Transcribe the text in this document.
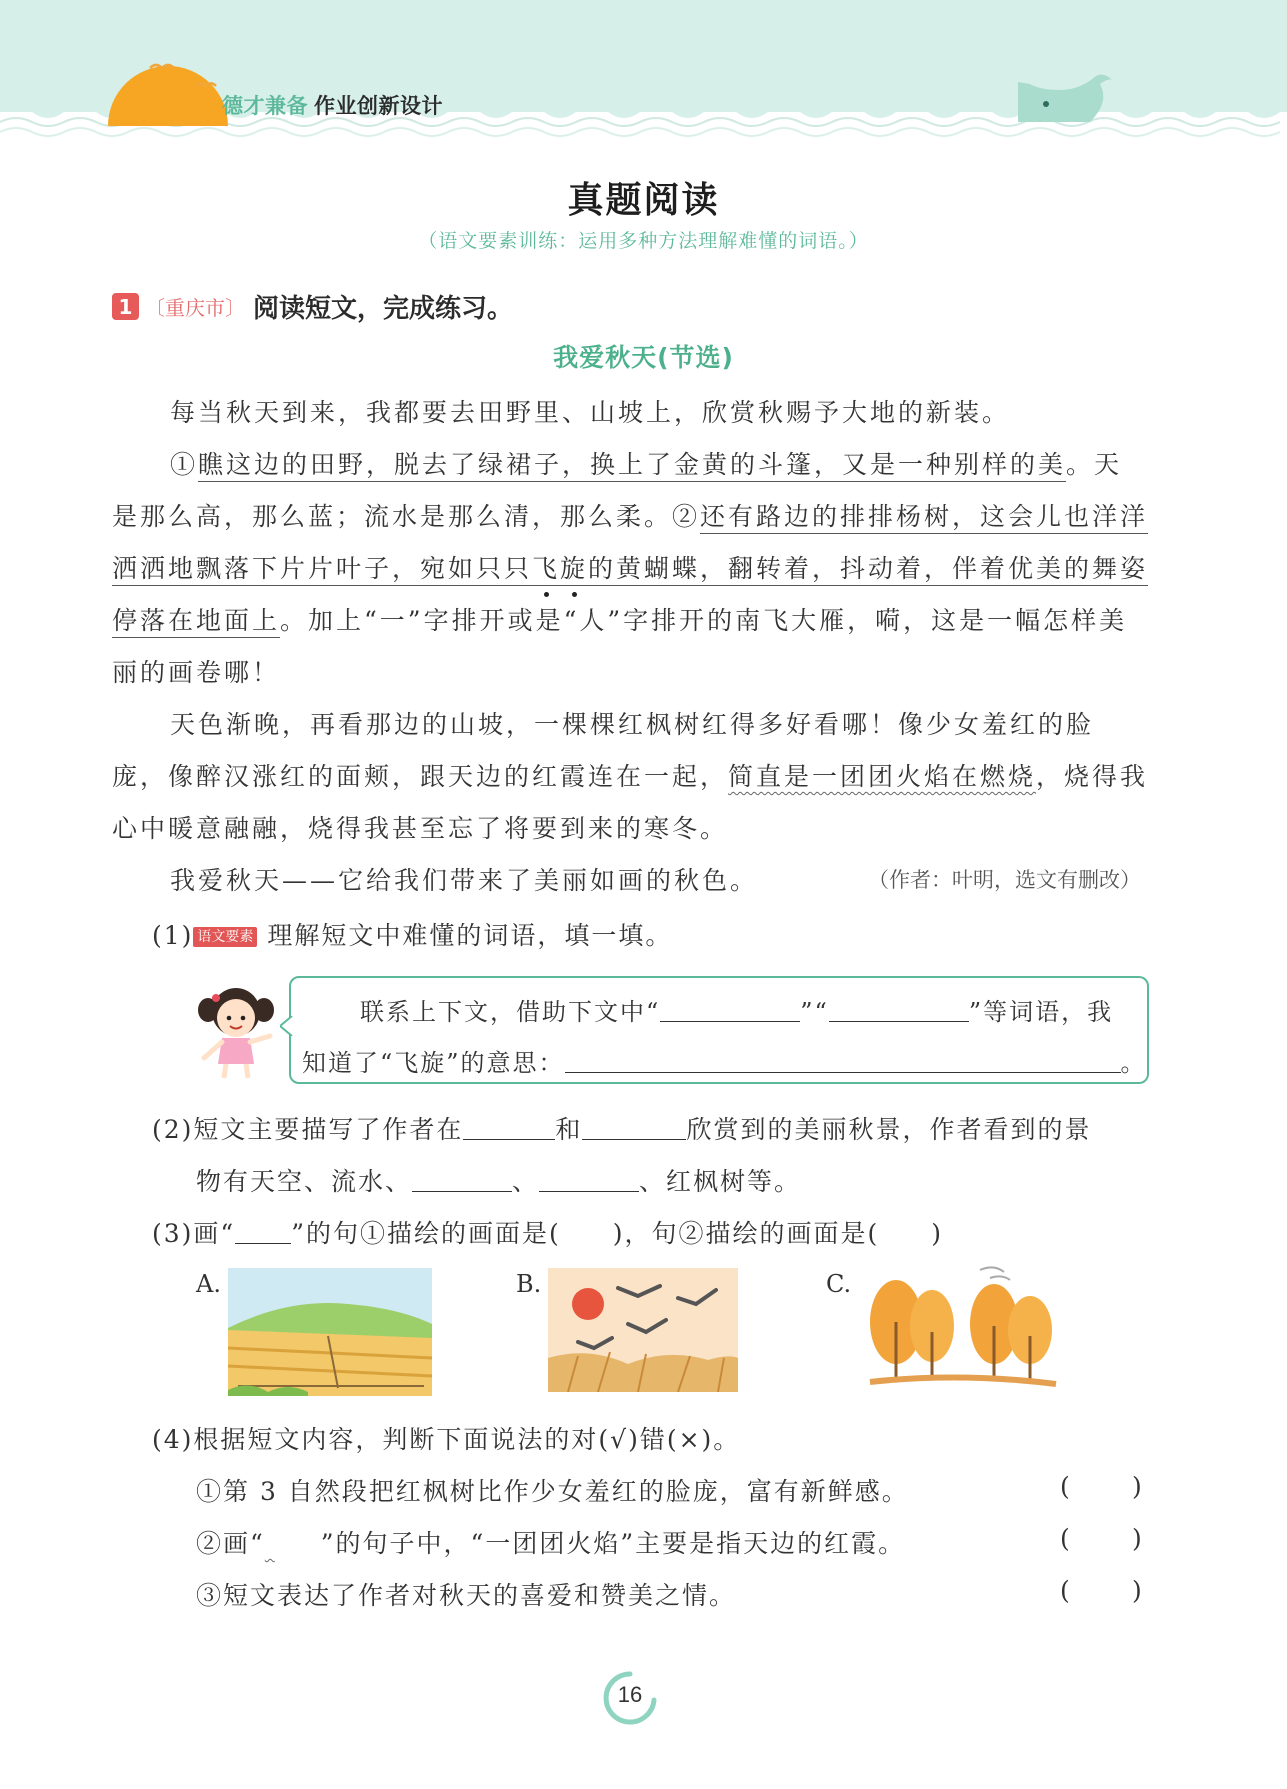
德才兼备 作业创新设计
真题阅读
（语文要素训练：运用多种方法理解难懂的词语。）
1 〔重庆市〕 阅读短文，完成练习。
我爱秋天(节选)
每当秋天到来，我都要去田野里、山坡上，欣赏秋赐予大地的新装。
①瞧这边的田野，脱去了绿裙子，换上了金黄的斗篷，又是一种别样的美。天
是那么高，那么蓝；流水是那么清，那么柔。②还有路边的排排杨树，这会儿也洋洋
洒洒地飘落下片片叶子，宛如只只飞旋的黄蝴蝶，翻转着，抖动着，伴着优美的舞姿
停落在地面上。加上“一”字排开或是“人”字排开的南飞大雁，嗬，这是一幅怎样美
丽的画卷哪！
天色渐晚，再看那边的山坡，一棵棵红枫树红得多好看哪！像少女羞红的脸
庞，像醉汉涨红的面颊，跟天边的红霞连在一起，简直是一团团火焰在燃烧，烧得我
心中暖意融融，烧得我甚至忘了将要到来的寒冬。
我爱秋天——它给我们带来了美丽如画的秋色。	（作者：叶明，选文有删改）
(1) 语文要素 理解短文中难懂的词语，填一填。
联系上下文，借助下文中“	”“	”等词语，我
知道了“飞旋”的意思：	。
(2)短文主要描写了作者在	和	欣赏到的美丽秋景，作者看到的景
物有天空、流水、	、	、红枫树等。
(3)画“ ”的句①描绘的画面是( )，句②描绘的画面是( )
A.	B.	C.
(4)根据短文内容，判断下面说法的对(√)错(×)。
①第 3 自然段把红枫树比作少女羞红的脸庞，富有新鲜感。	( )
②画“ ”的句子中，“一团团火焰”主要是指天边的红霞。	( )
③短文表达了作者对秋天的喜爱和赞美之情。	( )
16
